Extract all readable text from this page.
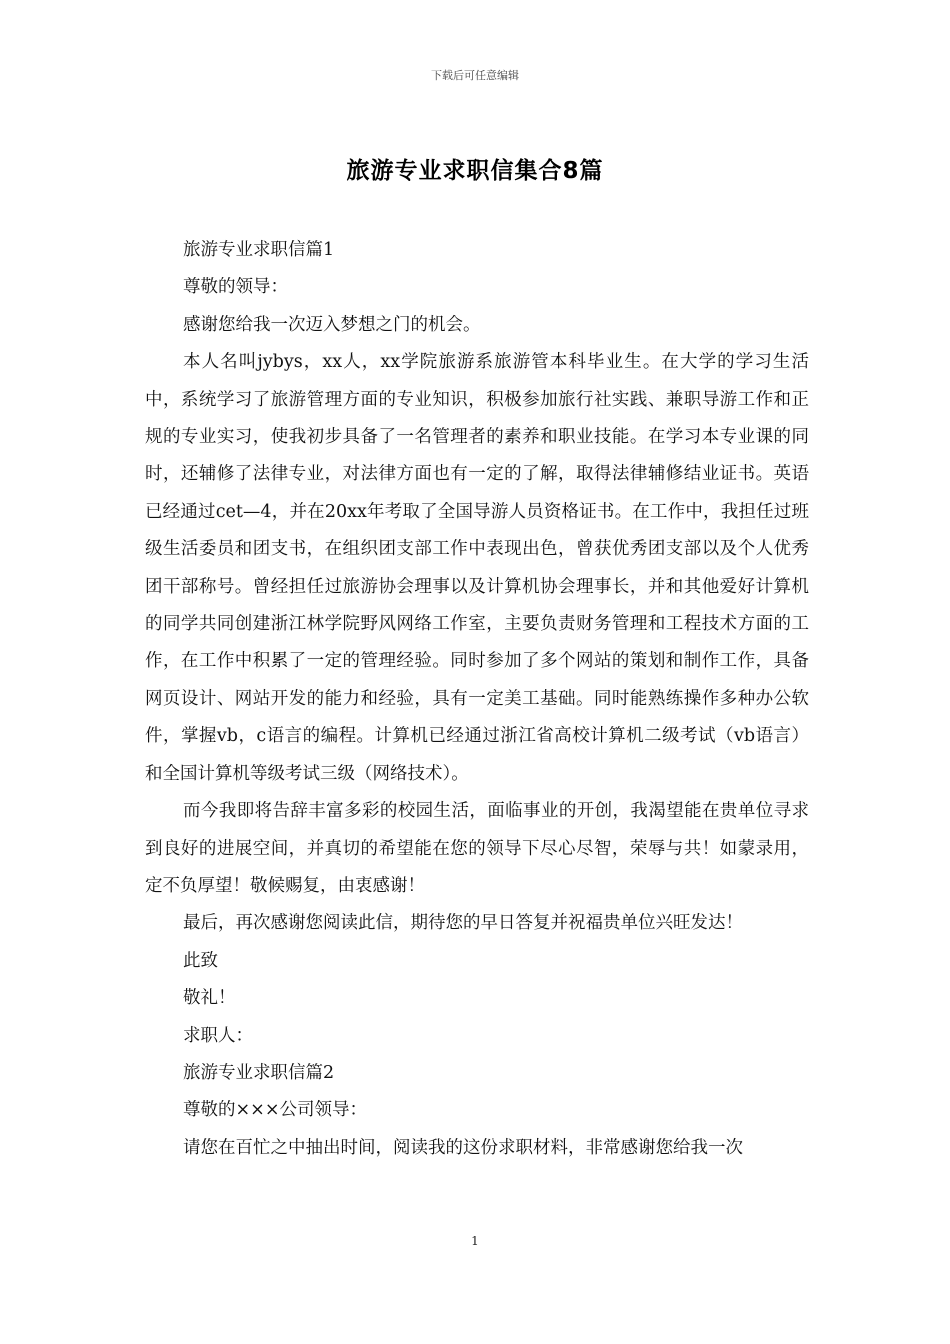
下载后可任意编辑
旅游专业求职信集合8篇

旅游专业求职信篇1

尊敬的领导：

感谢您给我一次迈入梦想之门的机会。

本人名叫jybys，xx人，xx学院旅游系旅游管本科毕业生。在大学的学习生活中，系统学习了旅游管理方面的专业知识，积极参加旅行社实践、兼职导游工作和正规的专业实习，使我初步具备了一名管理者的素养和职业技能。在学习本专业课的同时，还辅修了法律专业，对法律方面也有一定的了解，取得法律辅修结业证书。英语已经通过cet—4，并在20xx年考取了全国导游人员资格证书。在工作中，我担任过班级生活委员和团支书，在组织团支部工作中表现出色，曾获优秀团支部以及个人优秀团干部称号。曾经担任过旅游协会理事以及计算机协会理事长，并和其他爱好计算机的同学共同创建浙江林学院野风网络工作室，主要负责财务管理和工程技术方面的工作，在工作中积累了一定的管理经验。同时参加了多个网站的策划和制作工作，具备网页设计、网站开发的能力和经验，具有一定美工基础。同时能熟练操作多种办公软件，掌握vb，c语言的编程。计算机已经通过浙江省高校计算机二级考试（vb语言）和全国计算机等级考试三级（网络技术）。

而今我即将告辞丰富多彩的校园生活，面临事业的开创，我渴望能在贵单位寻求到良好的进展空间，并真切的希望能在您的领导下尽心尽智，荣辱与共！如蒙录用，定不负厚望！敬候赐复，由衷感谢！

最后，再次感谢您阅读此信，期待您的早日答复并祝福贵单位兴旺发达！

此致

敬礼！

求职人：

旅游专业求职信篇2

尊敬的×××公司领导：

请您在百忙之中抽出时间，阅读我的这份求职材料，非常感谢您给我一次

1
